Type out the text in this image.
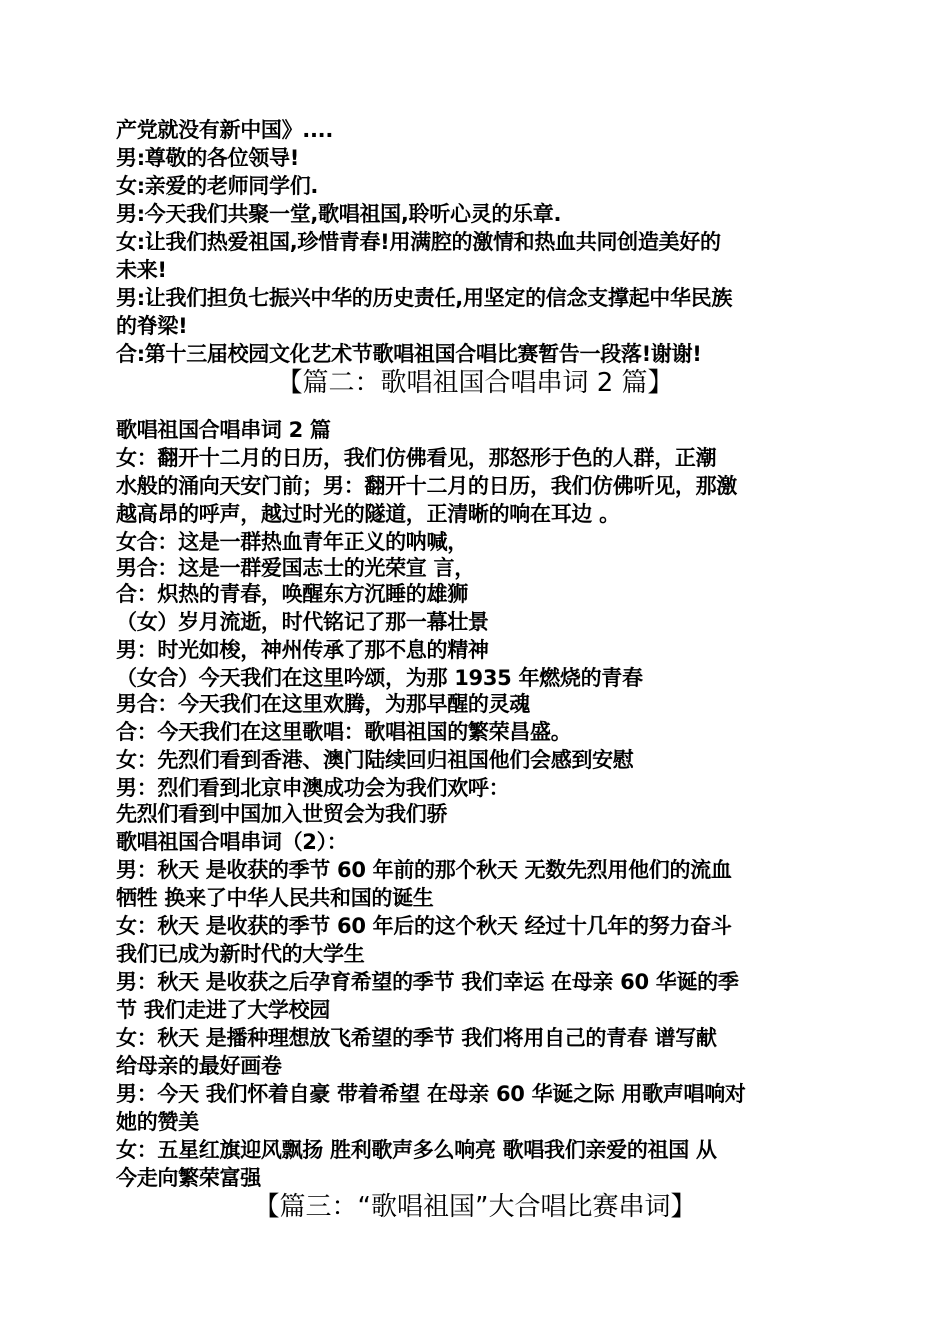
产党就没有新中国》....
男:尊敬的各位领导!
女:亲爱的老师同学们.
男:今天我们共聚一堂,歌唱祖国,聆听心灵的乐章.
女:让我们热爱祖国,珍惜青春!用满腔的激情和热血共同创造美好的
未来!
男:让我们担负七振兴中华的历史责任,用坚定的信念支撑起中华民族
的脊梁!
合:第十三届校园文化艺术节歌唱祖国合唱比赛暂告一段落!谢谢!
【篇二：歌唱祖国合唱串词 2 篇】
歌唱祖国合唱串词 2 篇
女：翻开十二月的日历，我们仿佛看见，那怒形于色的人群，正潮
水般的涌向天安门前；男：翻开十二月的日历，我们仿佛听见，那激
越高昂的呼声，越过时光的隧道，正清晰的响在耳边 。
女合：这是一群热血青年正义的呐喊，
男合：这是一群爱国志士的光荣宣 言，
合：炽热的青春，唤醒东方沉睡的雄狮
（女）岁月流逝，时代铭记了那一幕壮景
男：时光如梭，神州传承了那不息的精神
（女合）今天我们在这里吟颂，为那 1935 年燃烧的青春
男合：今天我们在这里欢腾，为那早醒的灵魂
合：今天我们在这里歌唱：歌唱祖国的繁荣昌盛。
女：先烈们看到香港、澳门陆续回归祖国他们会感到安慰
男：烈们看到北京申澳成功会为我们欢呼：
先烈们看到中国加入世贸会为我们骄
歌唱祖国合唱串词（2）：
男：秋天 是收获的季节 60 年前的那个秋天 无数先烈用他们的流血
牺牲 换来了中华人民共和国的诞生
女：秋天 是收获的季节 60 年后的这个秋天 经过十几年的努力奋斗
我们已成为新时代的大学生
男：秋天 是收获之后孕育希望的季节 我们幸运 在母亲 60 华诞的季
节 我们走进了大学校园
女：秋天 是播种理想放飞希望的季节 我们将用自己的青春 谱写献
给母亲的最好画卷
男：今天 我们怀着自豪 带着希望 在母亲 60 华诞之际 用歌声唱响对
她的赞美
女：五星红旗迎风飘扬 胜利歌声多么响亮 歌唱我们亲爱的祖国 从
今走向繁荣富强
【篇三：“歌唱祖国”大合唱比赛串词】
